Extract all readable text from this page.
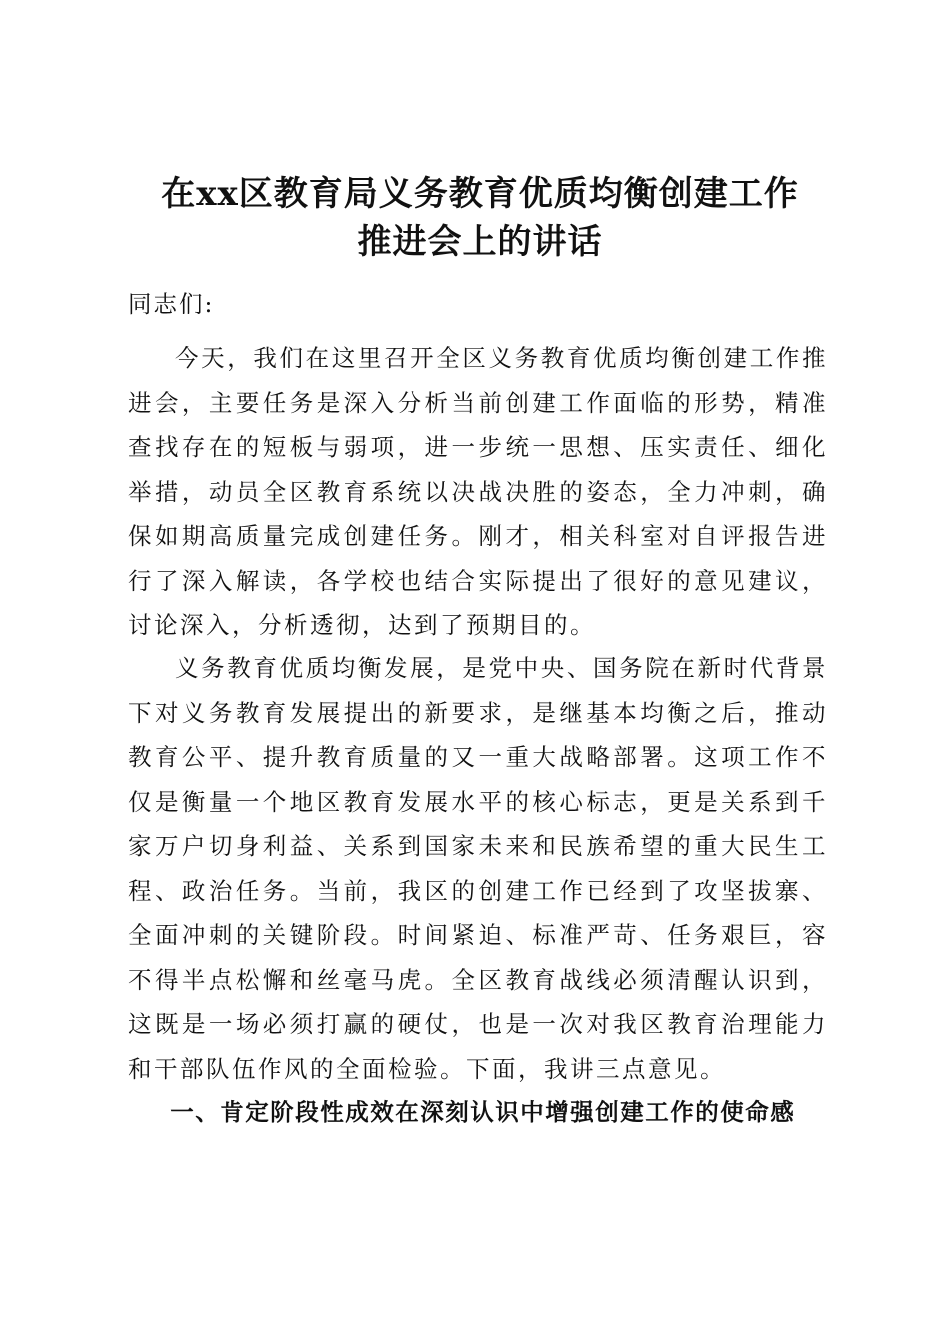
在xx区教育局义务教育优质均衡创建工作
推进会上的讲话

同志们:

今天，我们在这里召开全区义务教育优质均衡创建工作推进会，主要任务是深入分析当前创建工作面临的形势，精准查找存在的短板与弱项，进一步统一思想、压实责任、细化举措，动员全区教育系统以决战决胜的姿态，全力冲刺，确保如期高质量完成创建任务。刚才，相关科室对自评报告进行了深入解读，各学校也结合实际提出了很好的意见建议，讨论深入，分析透彻，达到了预期目的。

义务教育优质均衡发展，是党中央、国务院在新时代背景下对义务教育发展提出的新要求，是继基本均衡之后，推动教育公平、提升教育质量的又一重大战略部署。这项工作不仅是衡量一个地区教育发展水平的核心标志，更是关系到千家万户切身利益、关系到国家未来和民族希望的重大民生工程、政治任务。当前，我区的创建工作已经到了攻坚拔寨、全面冲刺的关键阶段。时间紧迫、标准严苛、任务艰巨，容不得半点松懈和丝毫马虎。全区教育战线必须清醒认识到，这既是一场必须打赢的硬仗，也是一次对我区教育治理能力和干部队伍作风的全面检验。下面，我讲三点意见。

一、肯定阶段性成效在深刻认识中增强创建工作的使命感
